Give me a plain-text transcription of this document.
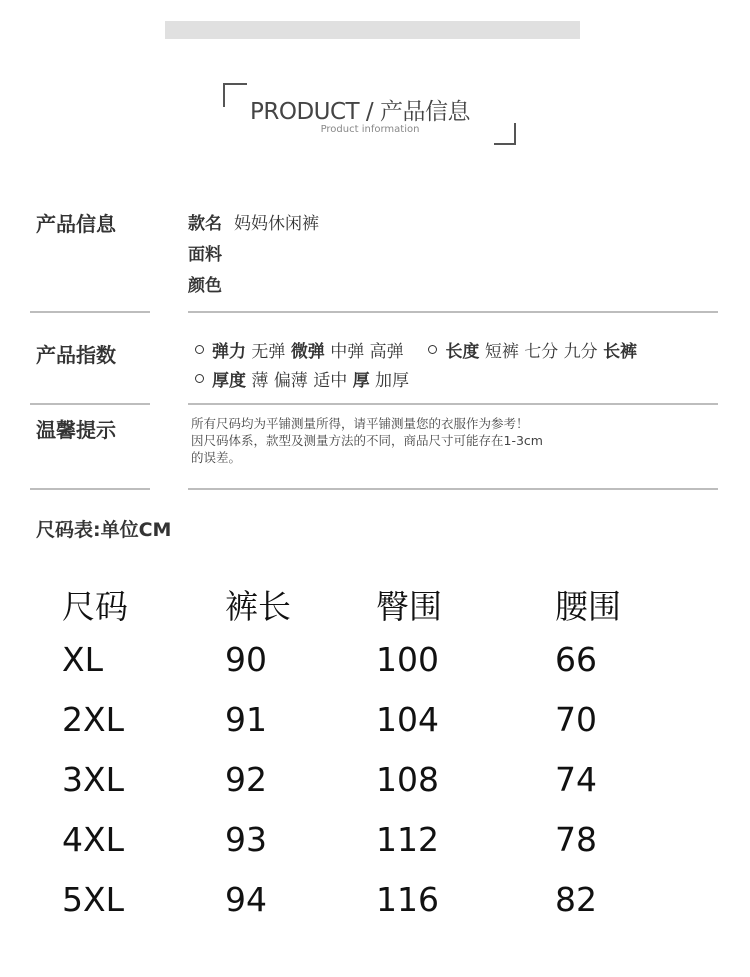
PRODUCT / 产品信息
Product information
产品信息	款名 妈妈休闲裤
面料
颜色
产品指数	弹力 无弹 微弹 中弹 高弹 长度 短裤 七分 九分 长裤
厚度 薄 偏薄 适中 厚 加厚
温馨提示	所有尺码均为平铺测量所得，请平铺测量您的衣服作为参考！
因尺码体系，款型及测量方法的不同，商品尺寸可能存在1-3cm
的误差。
尺码表:单位CM
尺码	裤长	臀围	腰围
XL	90	100	66
2XL	91	104	70
3XL	92	108	74
4XL	93	112	78
5XL	94	116	82
